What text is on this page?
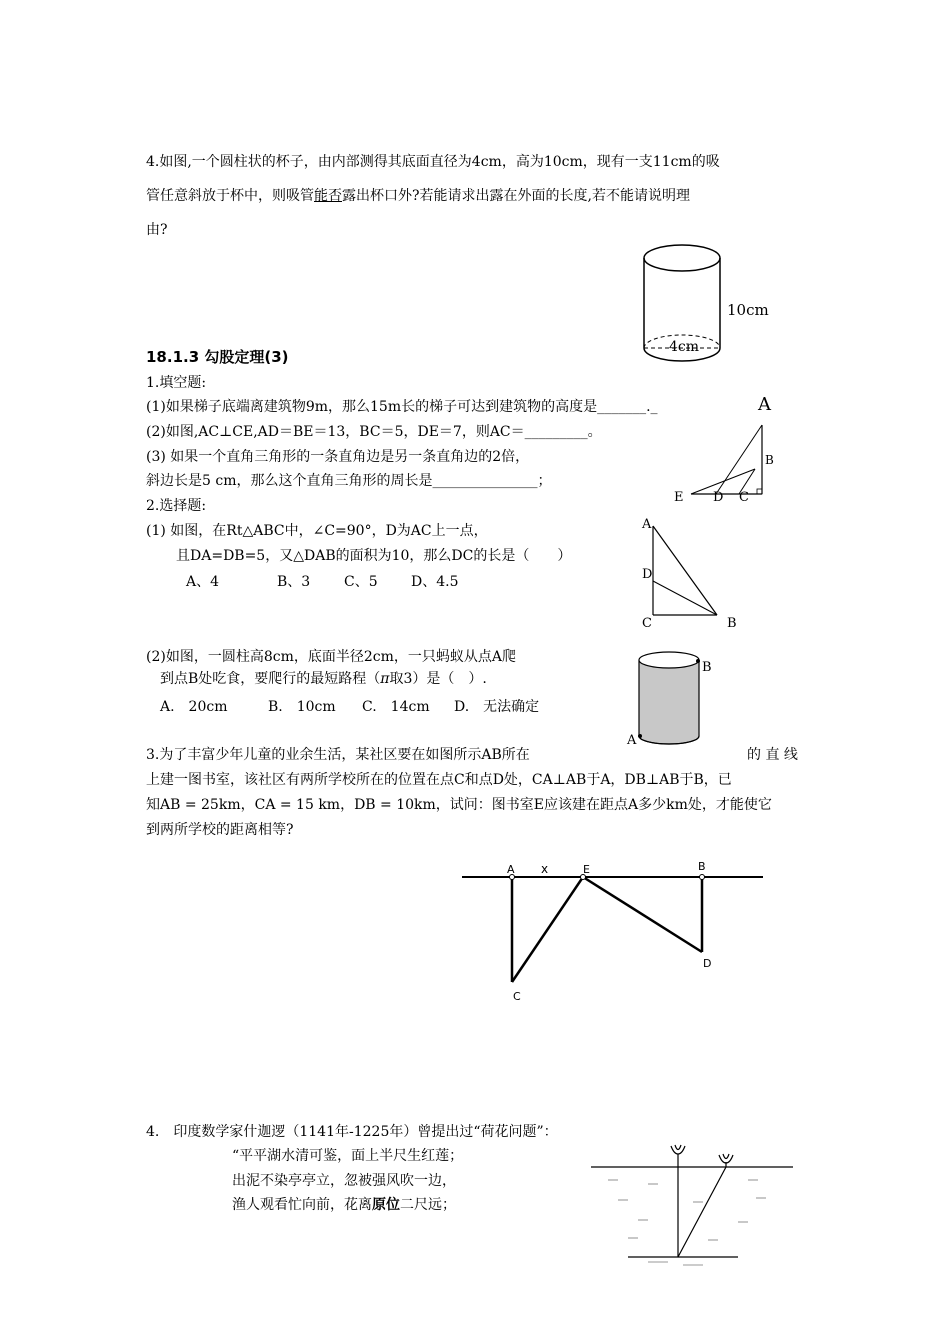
4.如图,一个圆柱状的杯子，由内部测得其底面直径为4cm，高为10cm，现有一支11cm的吸
管任意斜放于杯中，则吸管能否露出杯口外?若能请求出露在外面的长度,若不能请说明理
由?
10cm
4cm
18.1.3 勾股定理(3)
1.填空题:
(1)如果梯子底端离建筑物9m，那么15m长的梯子可达到建筑物的高度是_______._
(2)如图,AC⊥CE,AD＝BE＝13，BC＝5，DE＝7，则AC＝_________。
(3) 如果一个直角三角形的一条直角边是另一条直角边的2倍，
斜边长是5 cm，那么这个直角三角形的周长是_______________；
A
B
E D C
2.选择题:
(1) 如图，在Rt△ABC中，∠C=90°，D为AC上一点，
且DA=DB=5，又△DAB的面积为10，那么DC的长是（　　）
A、4	B、3 C、5 D、4.5
A
D
C	B
(2)如图，一圆柱高8cm，底面半径2cm，一只蚂蚁从点A爬
到点B处吃食，要爬行的最短路程（π取3）是（　）.
A.　20cm	B.　10cm C.　14cm D.　无法确定
B
A
3.为了丰富少年儿童的业余生活，某社区要在如图所示AB所在	的 直 线
上建一图书室，该社区有两所学校所在的位置在点C和点D处，CA⊥AB于A，DB⊥AB于B，已
知AB = 25km，CA = 15 km，DB = 10km，试问：图书室E应该建在距点A多少km处，才能使它
到两所学校的距离相等?
A x	E	B
D
C
4.　印度数学家什迦逻（1141年-1225年）曾提出过“荷花问题”：
“平平湖水清可鉴，面上半尺生红莲；
出泥不染亭亭立，忽被强风吹一边，
渔人观看忙向前，花离原位二尺远；
